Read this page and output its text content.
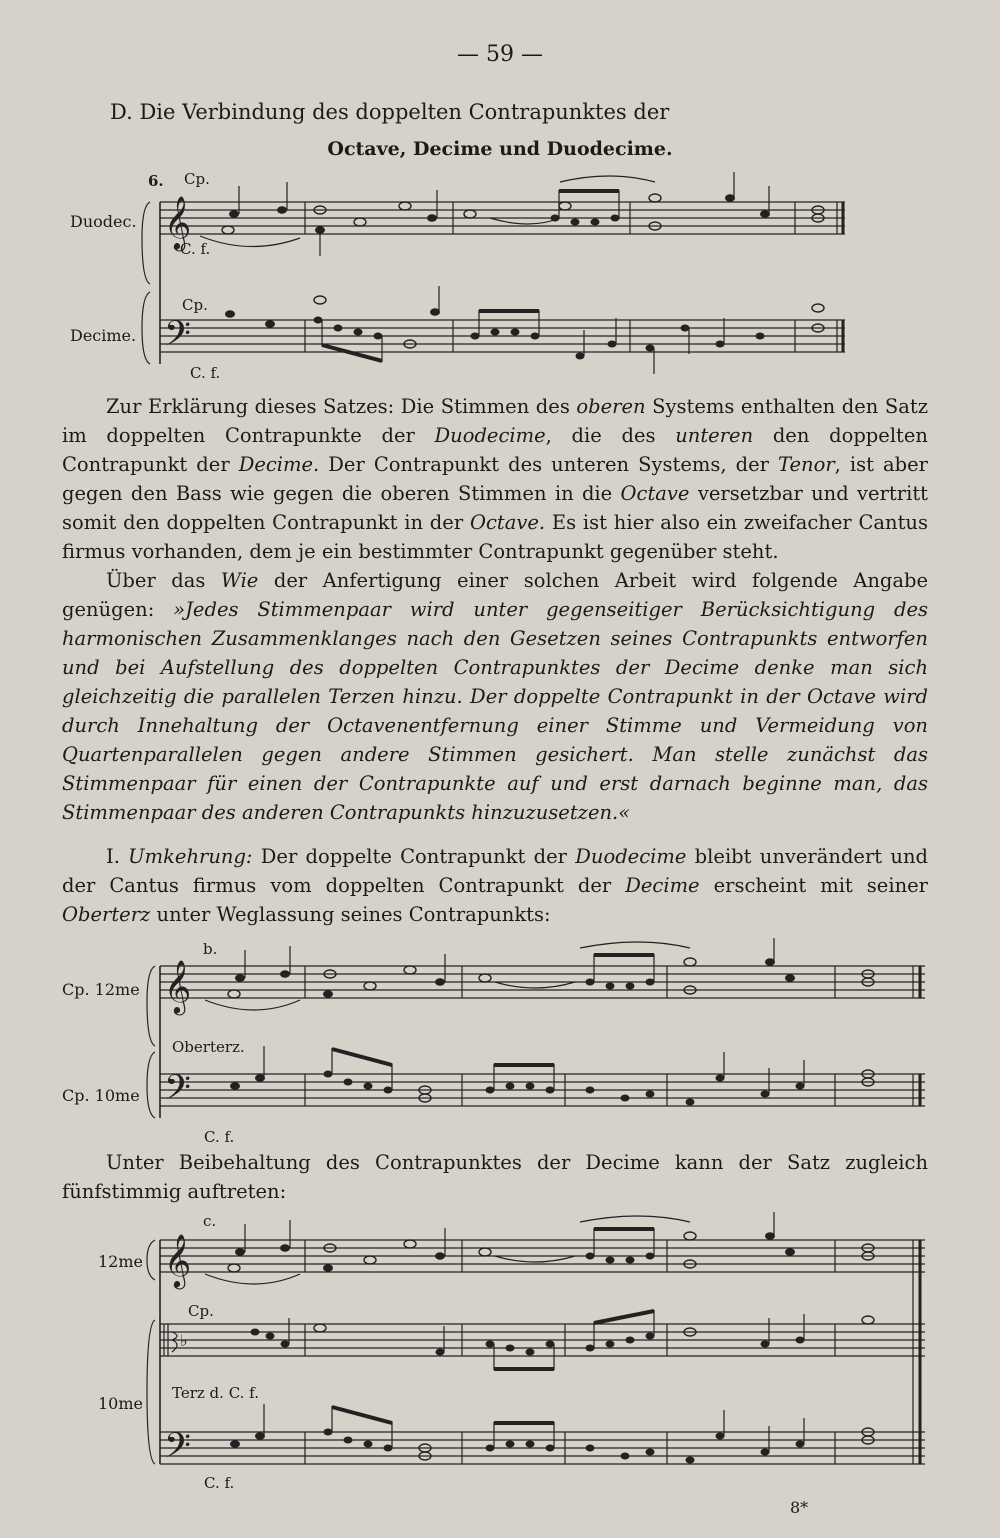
— 59 —
D. Die Verbindung des doppelten Contrapunktes der
Octave, Decime und Duodecime.
6. Cp.
Duodec.
C. f.
Cp.
Decime.
C. f.
𝄞
𝄢

Zur Erklärung dieses Satzes: Die Stimmen des oberen Systems enthalten den Satz im doppelten Contrapunkte der Duodecime, die des unteren den doppelten Contrapunkt der Decime. Der Contrapunkt des unteren Systems, der Tenor, ist aber gegen den Bass wie gegen die oberen Stimmen in die Octave versetzbar und vertritt somit den doppelten Contrapunkt in der Octave. Es ist hier also ein zweifacher Cantus firmus vorhanden, dem je ein bestimmter Contrapunkt gegenüber steht.

Über das Wie der Anfertigung einer solchen Arbeit wird folgende Angabe genügen: »Jedes Stimmenpaar wird unter gegenseitiger Berücksichtigung des harmonischen Zusammenklanges nach den Gesetzen seines Contrapunkts entworfen und bei Aufstellung des doppelten Contrapunktes der Decime denke man sich gleichzeitig die parallelen Terzen hinzu. Der doppelte Contrapunkt in der Octave wird durch Innehaltung der Octavenentfernung einer Stimme und Vermeidung von Quartenparallelen gegen andere Stimmen gesichert. Man stelle zunächst das Stimmenpaar für einen der Contrapunkte auf und erst darnach beginne man, das Stimmenpaar des anderen Contrapunkts hinzuzusetzen.«

I. Umkehrung: Der doppelte Contrapunkt der Duodecime bleibt unverändert und der Cantus firmus vom doppelten Contrapunkt der Decime erscheint mit seiner Oberterz unter Weglassung seines Contrapunkts:

b.
Cp. 12me
Oberterz.
Cp. 10me
C. f.
𝄞
𝄢

Unter Beibehaltung des Contrapunktes der Decime kann der Satz zugleich fünfstimmig auftreten:

c.
12me
Cp.
10me
Terz d. C. f.
C. f.
𝄞
𝄢
♭
8*
